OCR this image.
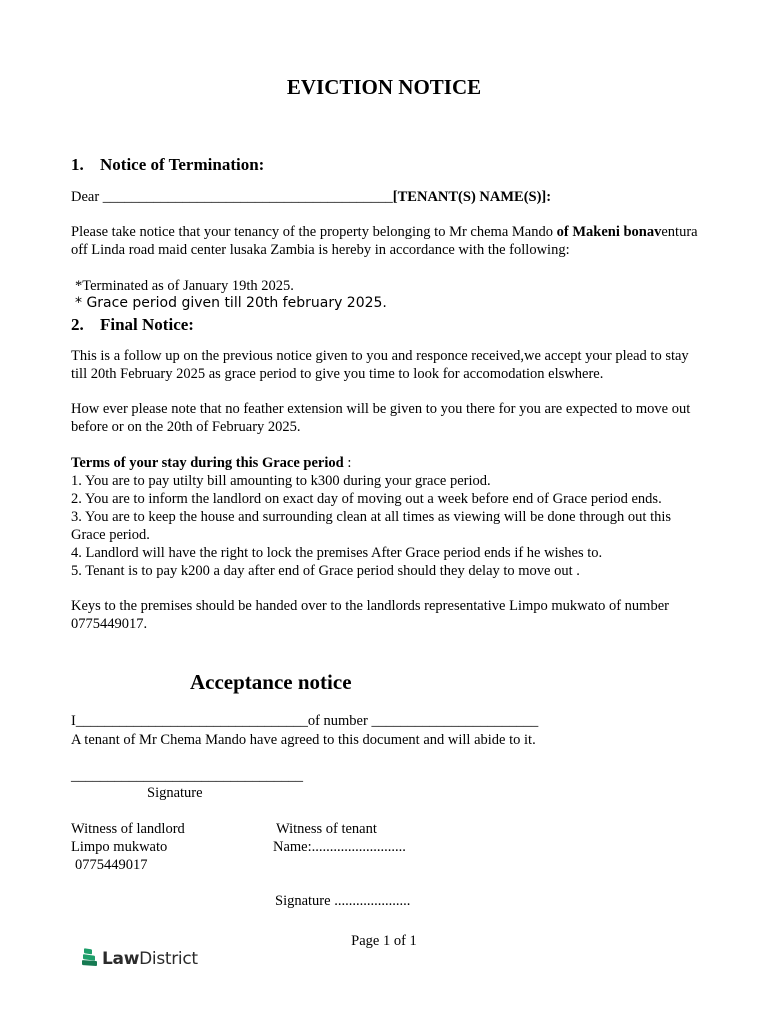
EVICTION NOTICE
1. Notice of Termination:
Dear ________________________________________[TENANT(S) NAME(S)]:
Please take notice that your tenancy of the property belonging to Mr chema Mando of Makeni bonaventura off Linda road maid center lusaka Zambia is hereby in accordance with the following:
*Terminated as of January 19th 2025.
* Grace period given till 20th february 2025.
2. Final Notice:
This is a follow up on the previous notice given to you and responce received,we accept your plead to stay till 20th February 2025 as grace period to give you time to look for accomodation elswhere.
How ever please note that no feather extension will be given to you there for you are expected to move out before or on the 20th of February 2025.
Terms of your stay during this Grace period :
1. You are to pay utilty bill amounting to k300 during your grace period.
2. You are to inform the landlord on exact day of moving out a week before end of Grace period ends.
3. You are to keep the house and surrounding clean at all times as viewing will be done through out this Grace period.
4. Landlord will have the right to lock the premises After Grace period ends if he wishes to.
5. Tenant is to pay k200 a day after end of Grace period should they delay to move out .
Keys to the premises should be handed over to the landlords representative Limpo mukwato of number 0775449017.
Acceptance notice
I________________________________of number _______________________
A tenant of Mr Chema Mando have agreed to this document and will abide to it.
________________________________
Signature
Witness of landlord
Limpo mukwato
0775449017
Witness of tenant
Name:..........................
Signature .....................
Page 1 of 1
LawDistrict
